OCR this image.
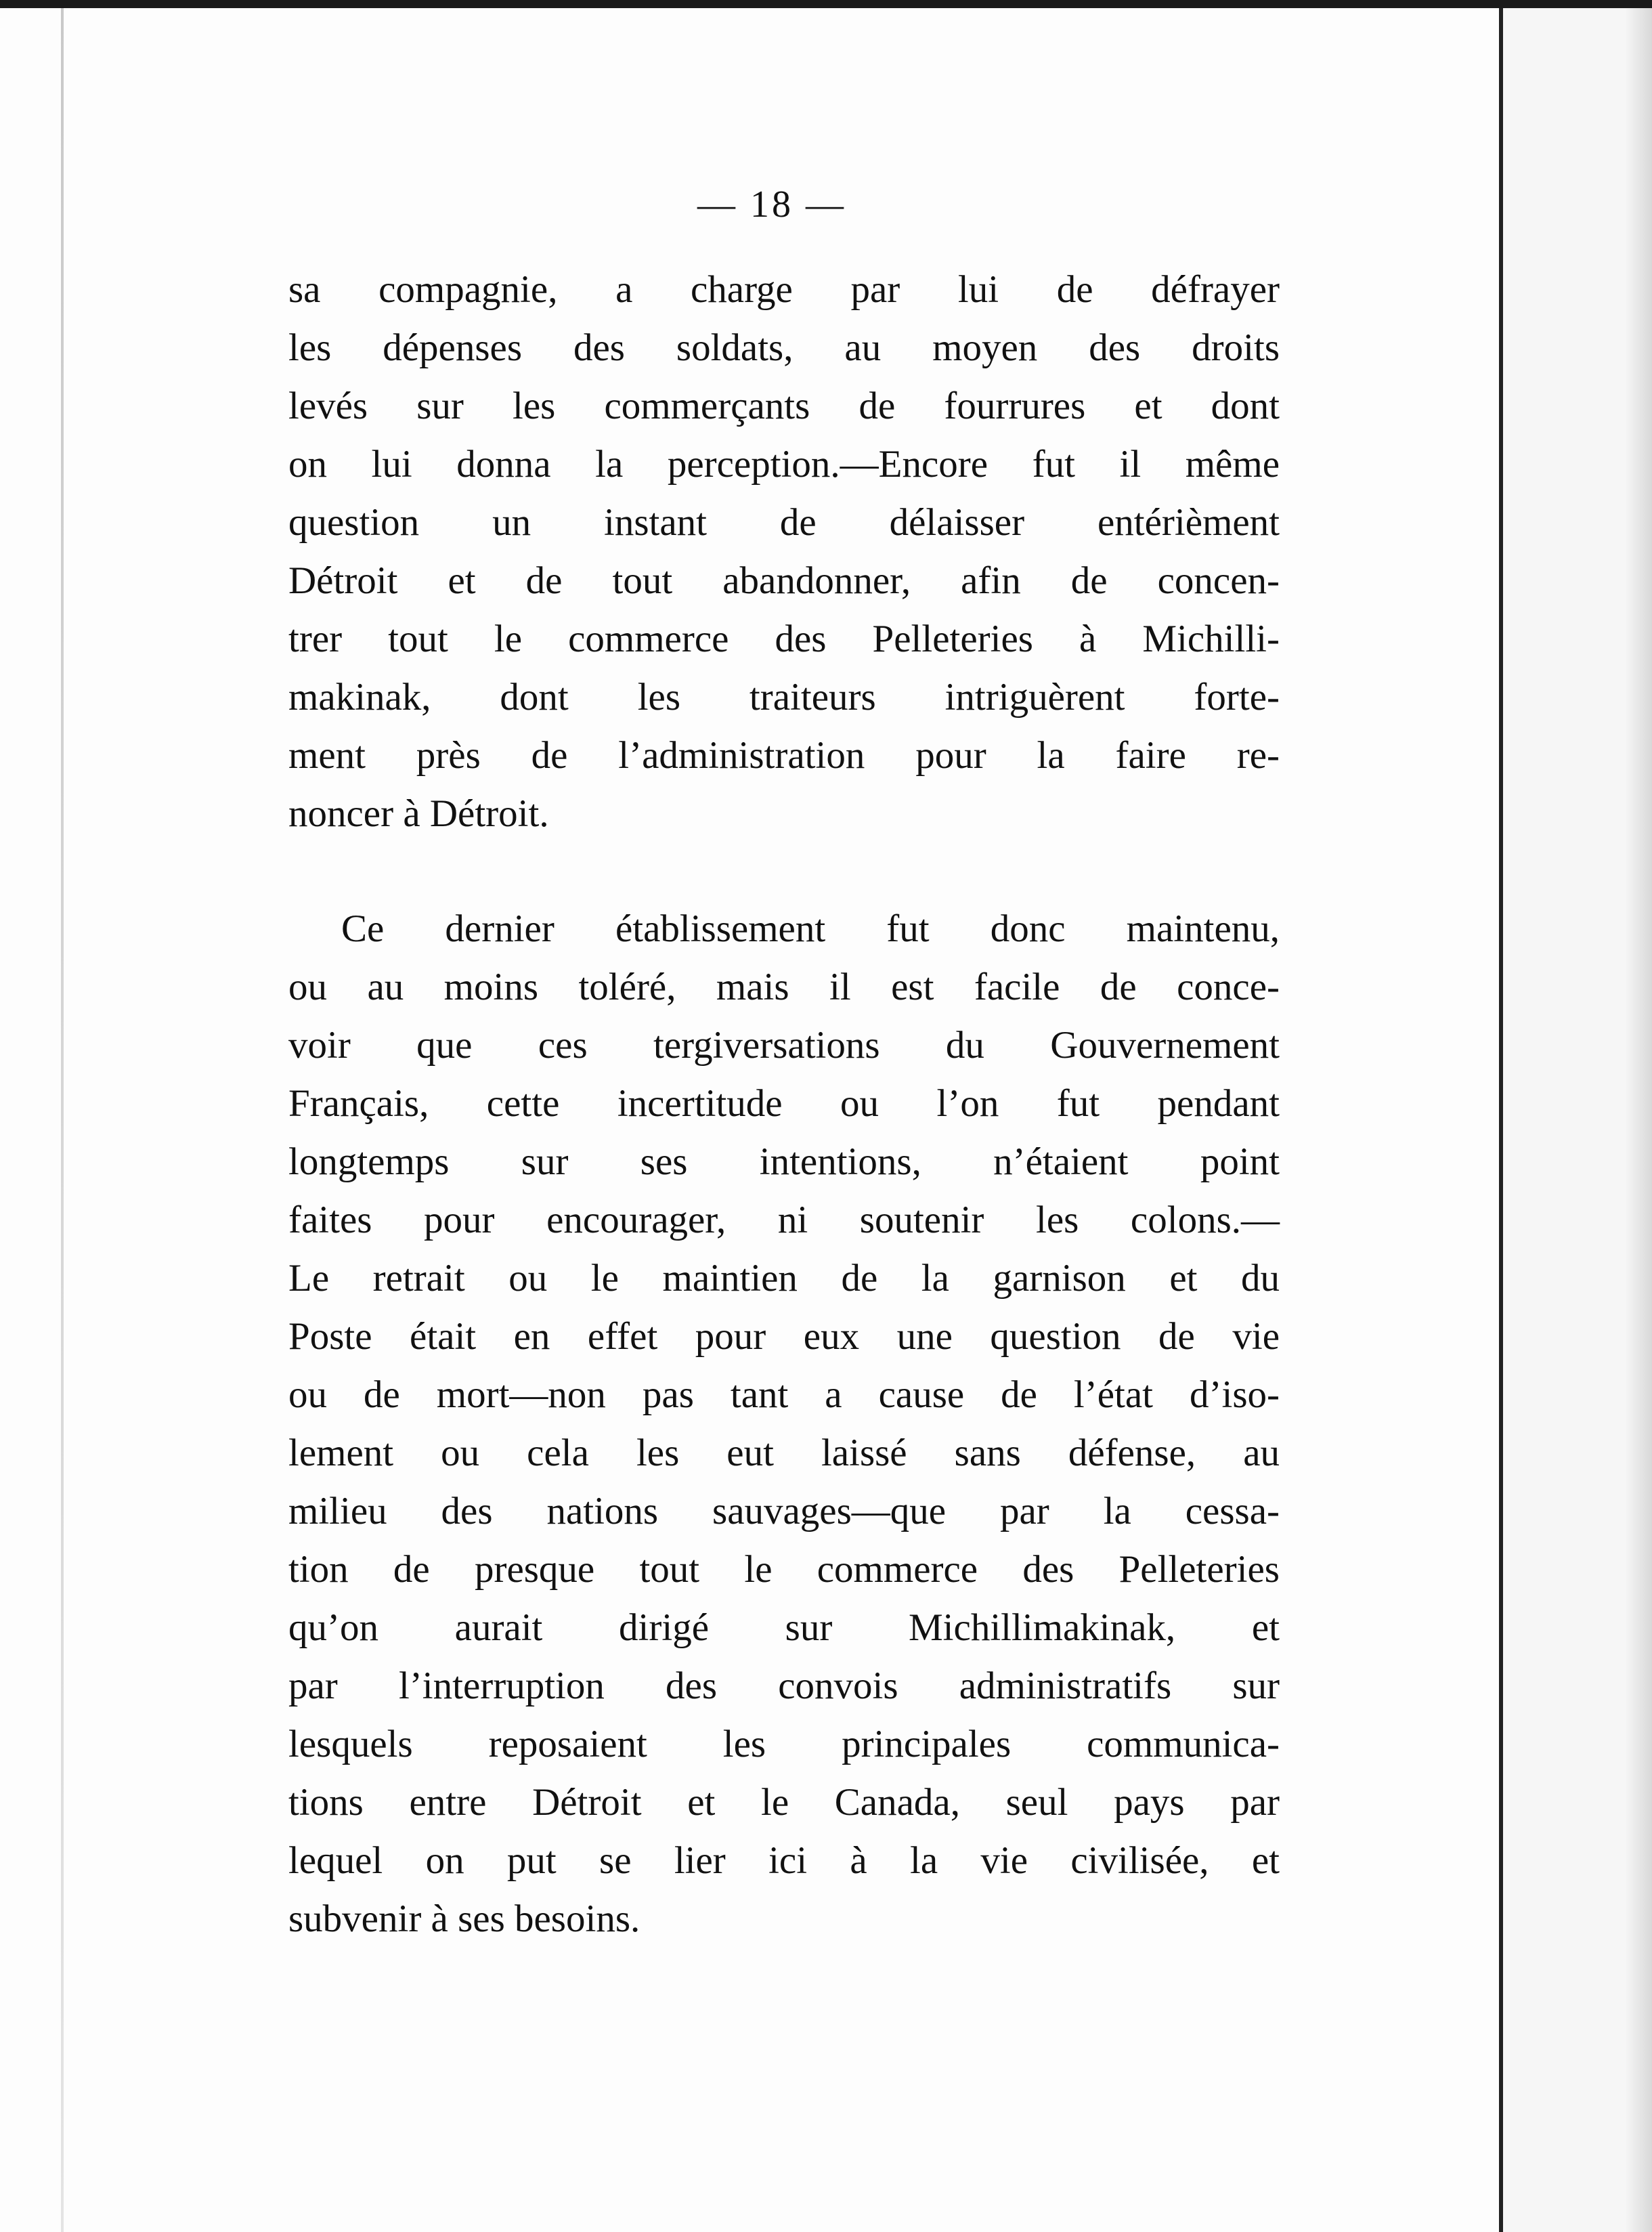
— 18 —
sa compagnie, a charge par lui de défrayer
les dépenses des soldats, au moyen des droits
levés sur les commerçants de fourrures et dont
on lui donna la perception.—Encore fut il même
question un instant de délaisser entérièment
Détroit et de tout abandonner, afin de concen-
trer tout le commerce des Pelleteries à Michilli-
makinak, dont les traiteurs intriguèrent forte-
ment près de l’administration pour la faire re-
noncer à Détroit.
Ce dernier établissement fut donc maintenu,
ou au moins toléré, mais il est facile de conce-
voir que ces tergiversations du Gouvernement
Français, cette incertitude ou l’on fut pendant
longtemps sur ses intentions, n’étaient point
faites pour encourager, ni soutenir les colons.—
Le retrait ou le maintien de la garnison et du
Poste était en effet pour eux une question de vie
ou de mort—non pas tant a cause de l’état d’iso-
lement ou cela les eut laissé sans défense, au
milieu des nations sauvages—que par la cessa-
tion de presque tout le commerce des Pelleteries
qu’on aurait dirigé sur Michillimakinak, et
par l’interruption des convois administratifs sur
lesquels reposaient les principales communica-
tions entre Détroit et le Canada, seul pays par
lequel on put se lier ici à la vie civilisée, et
subvenir à ses besoins.
